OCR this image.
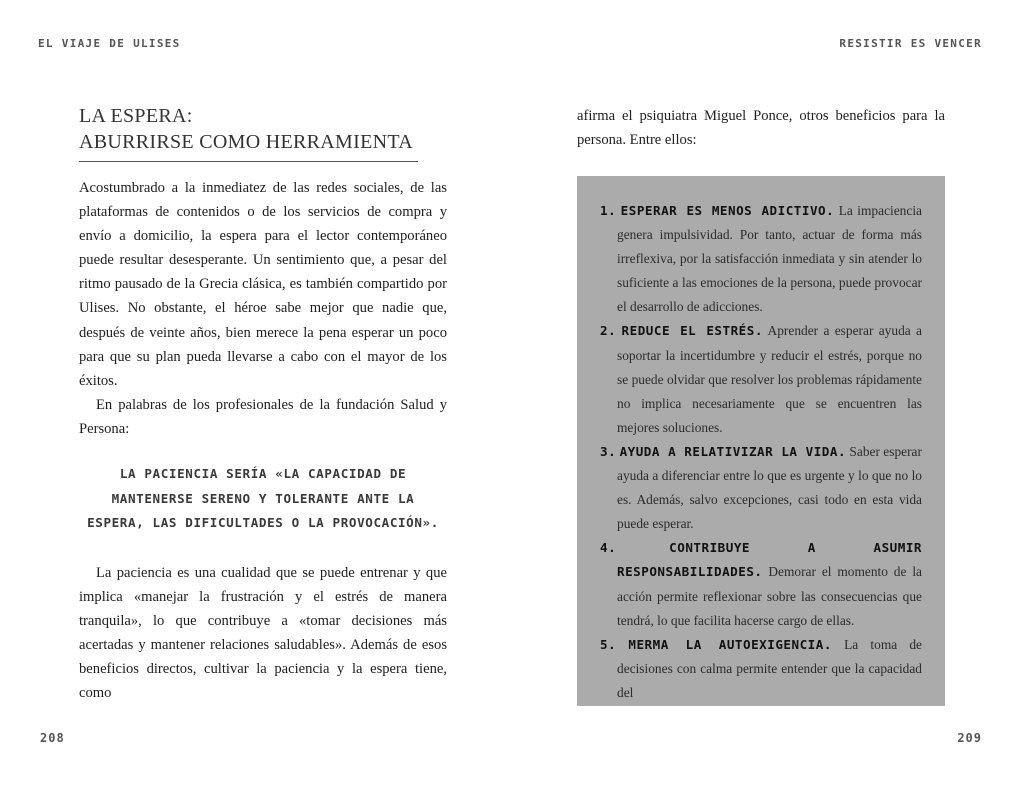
EL VIAJE DE ULISES	RESISTIR ES VENCER
LA ESPERA:
ABURRIRSE COMO HERRAMIENTA

Acostumbrado a la inmediatez de las redes sociales, de las plataformas de contenidos o de los servicios de compra y envío a domicilio, la espera para el lector contemporáneo puede resultar desesperante. Un sentimiento que, a pesar del ritmo pausado de la Grecia clásica, es también compartido por Ulises. No obstante, el héroe sabe mejor que nadie que, después de veinte años, bien merece la pena esperar un poco para que su plan pueda llevarse a cabo con el mayor de los éxitos.

En palabras de los profesionales de la fundación Salud y Persona:

LA PACIENCIA SERÍA «LA CAPACIDAD DE MANTENERSE SERENO Y TOLERANTE ANTE LA ESPERA, LAS DIFICULTADES O LA PROVOCACIÓN».

La paciencia es una cualidad que se puede entrenar y que implica «manejar la frustración y el estrés de manera tranquila», lo que contribuye a «tomar decisiones más acertadas y mantener relaciones saludables». Además de esos beneficios directos, cultivar la paciencia y la espera tiene, como

afirma el psiquiatra Miguel Ponce, otros beneficios para la persona. Entre ellos:

1. ESPERAR ES MENOS ADICTIVO. La impaciencia genera impulsividad. Por tanto, actuar de forma más irreflexiva, por la satisfacción inmediata y sin atender lo suficiente a las emociones de la persona, puede provocar el desarrollo de adicciones.

2. REDUCE EL ESTRÉS. Aprender a esperar ayuda a soportar la incertidumbre y reducir el estrés, porque no se puede olvidar que resolver los problemas rápidamente no implica necesariamente que se encuentren las mejores soluciones.

3. AYUDA A RELATIVIZAR LA VIDA. Saber esperar ayuda a diferenciar entre lo que es urgente y lo que no lo es. Además, salvo excepciones, casi todo en esta vida puede esperar.

4.	CONTRIBUYE A ASUMIR RESPONSABILIDADES. Demorar el momento de la acción permite reflexionar sobre las consecuencias que tendrá, lo que facilita hacerse cargo de ellas.

5. MERMA LA AUTOEXIGENCIA. La toma de decisiones con calma permite entender que la capacidad del

208	209
